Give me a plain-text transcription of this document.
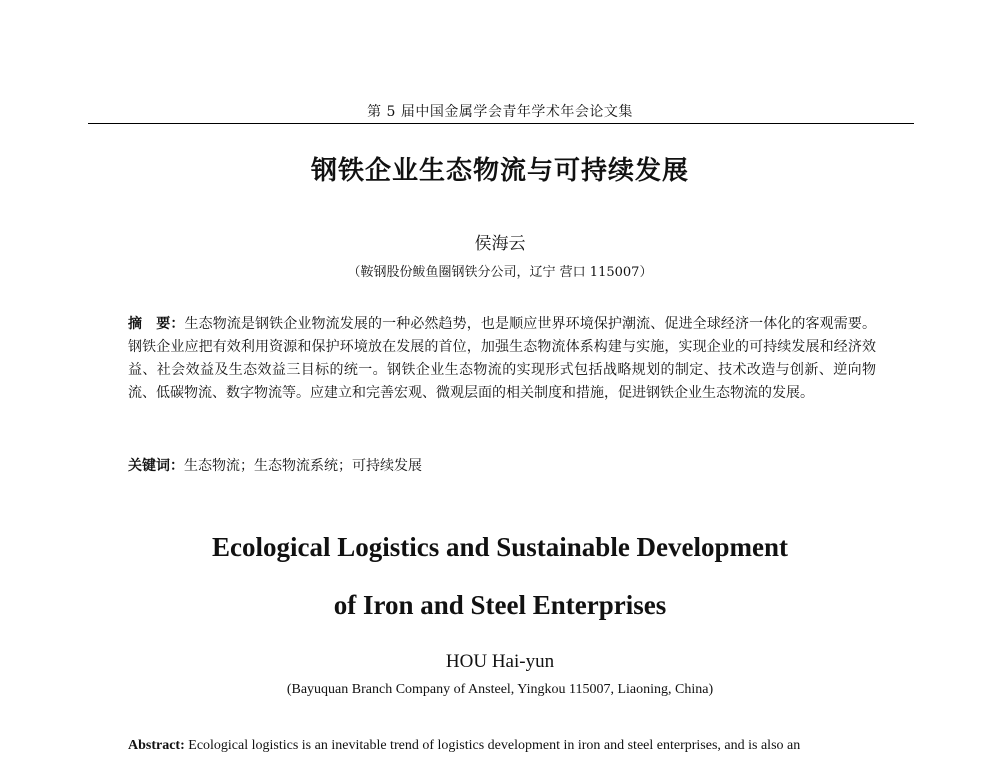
第 5 届中国金属学会青年学术年会论文集
钢铁企业生态物流与可持续发展
侯海云
（鞍钢股份鲅鱼圈钢铁分公司，辽宁 营口 115007）
摘　要：生态物流是钢铁企业物流发展的一种必然趋势，也是顺应世界环境保护潮流、促进全球经济一体化的客观需要。钢铁企业应把有效利用资源和保护环境放在发展的首位，加强生态物流体系构建与实施，实现企业的可持续发展和经济效益、社会效益及生态效益三目标的统一。钢铁企业生态物流的实现形式包括战略规划的制定、技术改造与创新、逆向物流、低碳物流、数字物流等。应建立和完善宏观、微观层面的相关制度和措施，促进钢铁企业生态物流的发展。
关键词：生态物流；生态物流系统；可持续发展
Ecological Logistics and Sustainable Development
of Iron and Steel Enterprises
HOU Hai-yun
(Bayuquan Branch Company of Ansteel, Yingkou 115007, Liaoning, China)
Abstract: Ecological logistics is an inevitable trend of logistics development in iron and steel enterprises, and is also an
